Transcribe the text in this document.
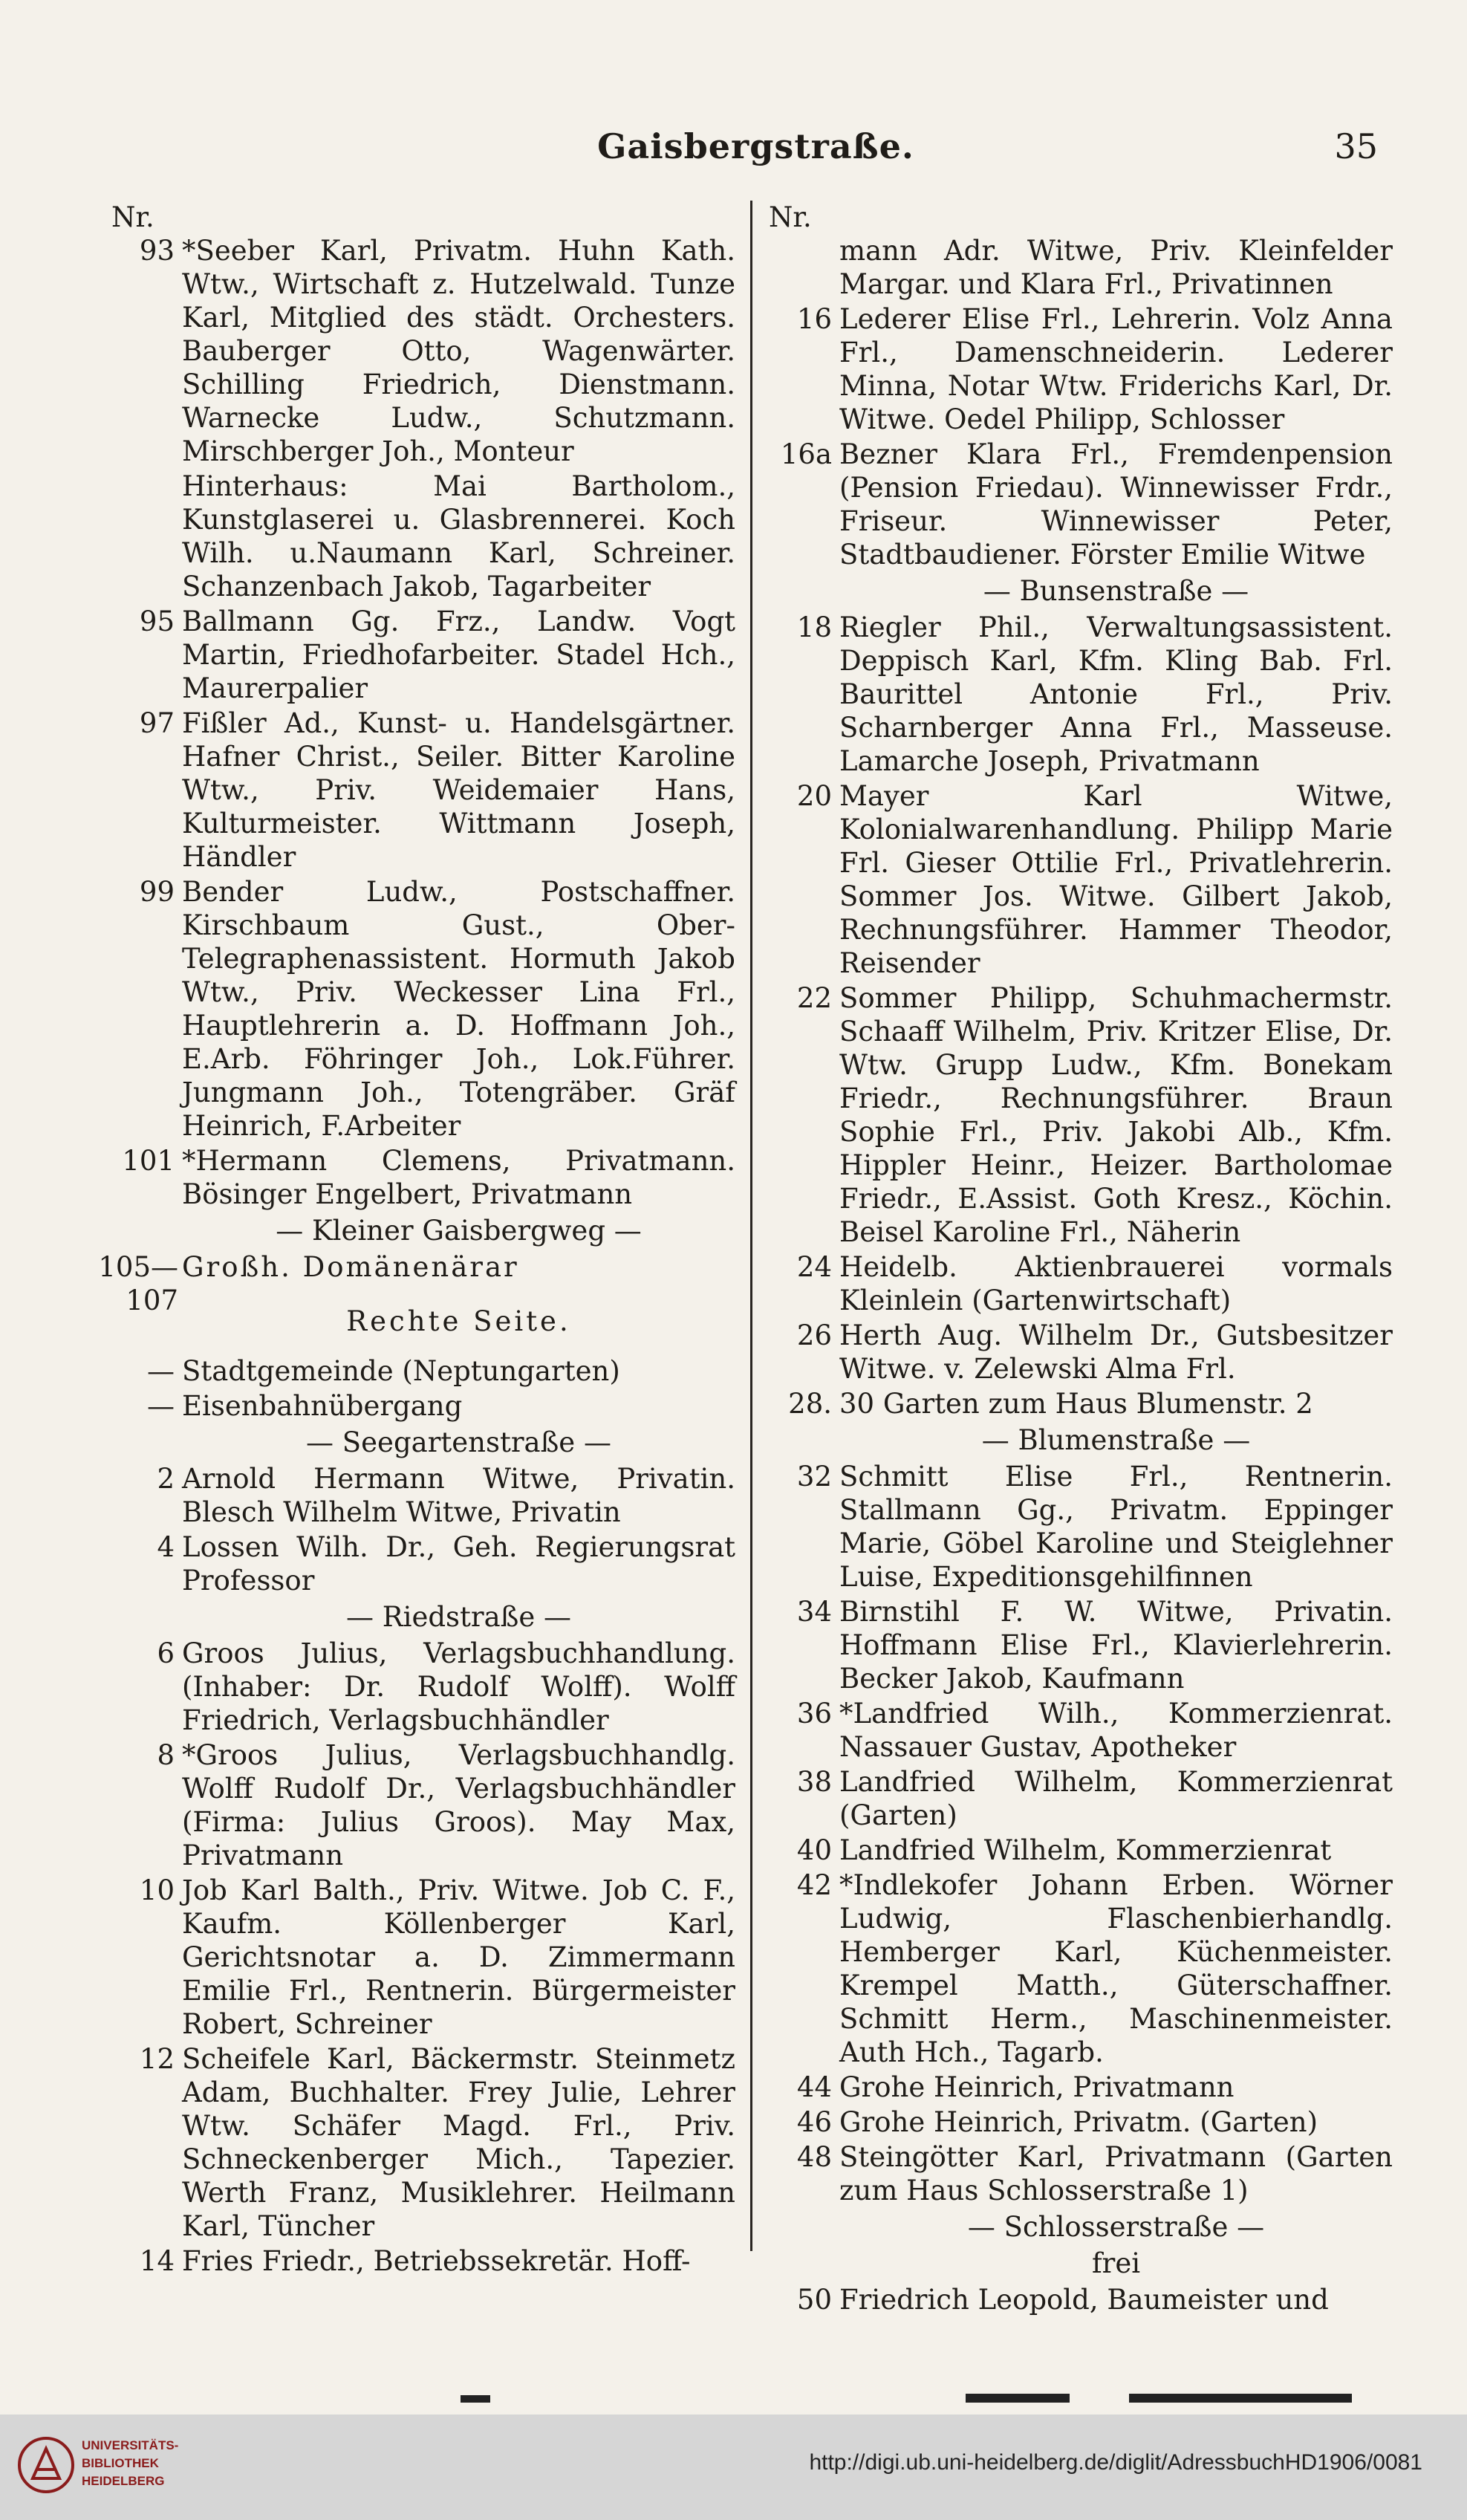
Gaisbergstraße.	35
Nr.
93 *Seeber Karl, Privatm. Huhn Kath. Wtw., Wirtschaft z. Hutzelwald. Tunze Karl, Mitglied des städt. Orchesters. Bauberger Otto, Wagenwärter. Schilling Friedrich, Dienstmann. Warnecke Ludw., Schutzmann. Mirschberger Joh., Monteur
Hinterhaus: Mai Bartholom., Kunstglaserei u. Glasbrennerei. Koch Wilh. u.Naumann Karl, Schreiner. Schanzenbach Jakob, Tagarbeiter
95 Ballmann Gg. Frz., Landw. Vogt Martin, Friedhofarbeiter. Stadel Hch., Maurerpalier
97 Fißler Ad., Kunst- u. Handelsgärtner. Hafner Christ., Seiler. Bitter Karoline Wtw., Priv. Weidemaier Hans, Kulturmeister. Wittmann Joseph, Händler
99 Bender Ludw., Postschaffner. Kirschbaum Gust., Ober-Telegraphenassistent. Hormuth Jakob Wtw., Priv. Weckesser Lina Frl., Hauptlehrerin a. D. Hoffmann Joh., E.Arb. Föhringer Joh., Lok.Führer. Jungmann Joh., Totengräber. Gräf Heinrich, F.Arbeiter
101 *Hermann Clemens, Privatmann. Bösinger Engelbert, Privatmann
— Kleiner Gaisbergweg —
105—107
Großh. Domänenärar
Rechte Seite.
— Stadtgemeinde (Neptungarten)
— Eisenbahnübergang
— Seegartenstraße —
2 Arnold Hermann Witwe, Privatin. Blesch Wilhelm Witwe, Privatin
4 Lossen Wilh. Dr., Geh. Regierungsrat Professor
— Riedstraße —
6 Groos Julius, Verlagsbuchhandlung. (Inhaber: Dr. Rudolf Wolff). Wolff Friedrich, Verlagsbuchhändler
8 *Groos Julius, Verlagsbuchhandlg. Wolff Rudolf Dr., Verlagsbuchhändler (Firma: Julius Groos). May Max, Privatmann
10 Job Karl Balth., Priv. Witwe. Job C. F., Kaufm. Köllenberger Karl, Gerichtsnotar a. D. Zimmermann Emilie Frl., Rentnerin. Bürgermeister Robert, Schreiner
12 Scheifele Karl, Bäckermstr. Steinmetz Adam, Buchhalter. Frey Julie, Lehrer Wtw. Schäfer Magd. Frl., Priv. Schneckenberger Mich., Tapezier. Werth Franz, Musiklehrer. Heilmann Karl, Tüncher
14 Fries Friedr., Betriebssekretär. Hoff-
Nr.
mann Adr. Witwe, Priv. Kleinfelder Margar. und Klara Frl., Privatinnen
16 Lederer Elise Frl., Lehrerin. Volz Anna Frl., Damenschneiderin. Lederer Minna, Notar Wtw. Friderichs Karl, Dr. Witwe. Oedel Philipp, Schlosser
16a Bezner Klara Frl., Fremdenpension (Pension Friedau). Winnewisser Frdr., Friseur. Winnewisser Peter, Stadtbaudiener. Förster Emilie Witwe
— Bunsenstraße —
18 Riegler Phil., Verwaltungsassistent. Deppisch Karl, Kfm. Kling Bab. Frl. Baurittel Antonie Frl., Priv. Scharnberger Anna Frl., Masseuse. Lamarche Joseph, Privatmann
20 Mayer Karl Witwe, Kolonialwarenhandlung. Philipp Marie Frl. Gieser Ottilie Frl., Privatlehrerin. Sommer Jos. Witwe. Gilbert Jakob, Rechnungsführer. Hammer Theodor, Reisender
22 Sommer Philipp, Schuhmachermstr. Schaaff Wilhelm, Priv. Kritzer Elise, Dr. Wtw. Grupp Ludw., Kfm. Bonekam Friedr., Rechnungsführer. Braun Sophie Frl., Priv. Jakobi Alb., Kfm. Hippler Heinr., Heizer. Bartholomae Friedr., E.Assist. Goth Kresz., Köchin. Beisel Karoline Frl., Näherin
24 Heidelb. Aktienbrauerei vormals Kleinlein (Gartenwirtschaft)
26 Herth Aug. Wilhelm Dr., Gutsbesitzer Witwe. v. Zelewski Alma Frl.
28. 30 Garten zum Haus Blumenstr. 2
— Blumenstraße —
32 Schmitt Elise Frl., Rentnerin. Stallmann Gg., Privatm. Eppinger Marie, Göbel Karoline und Steiglehner Luise, Expeditionsgehilfinnen
34 Birnstihl F. W. Witwe, Privatin. Hoffmann Elise Frl., Klavierlehrerin. Becker Jakob, Kaufmann
36 *Landfried Wilh., Kommerzienrat. Nassauer Gustav, Apotheker
38 Landfried Wilhelm, Kommerzienrat (Garten)
40 Landfried Wilhelm, Kommerzienrat
42 *Indlekofer Johann Erben. Wörner Ludwig, Flaschenbierhandlg. Hemberger Karl, Küchenmeister. Krempel Matth., Güterschaffner. Schmitt Herm., Maschinenmeister. Auth Hch., Tagarb.
44 Grohe Heinrich, Privatmann
46 Grohe Heinrich, Privatm. (Garten)
48 Steingötter Karl, Privatmann (Garten zum Haus Schlosserstraße 1)
— Schlosserstraße —
frei
50 Friedrich Leopold, Baumeister und
UNIVERSITÄTS-
BIBLIOTHEK
HEIDELBERG
http://digi.ub.uni-heidelberg.de/diglit/AdressbuchHD1906/0081
